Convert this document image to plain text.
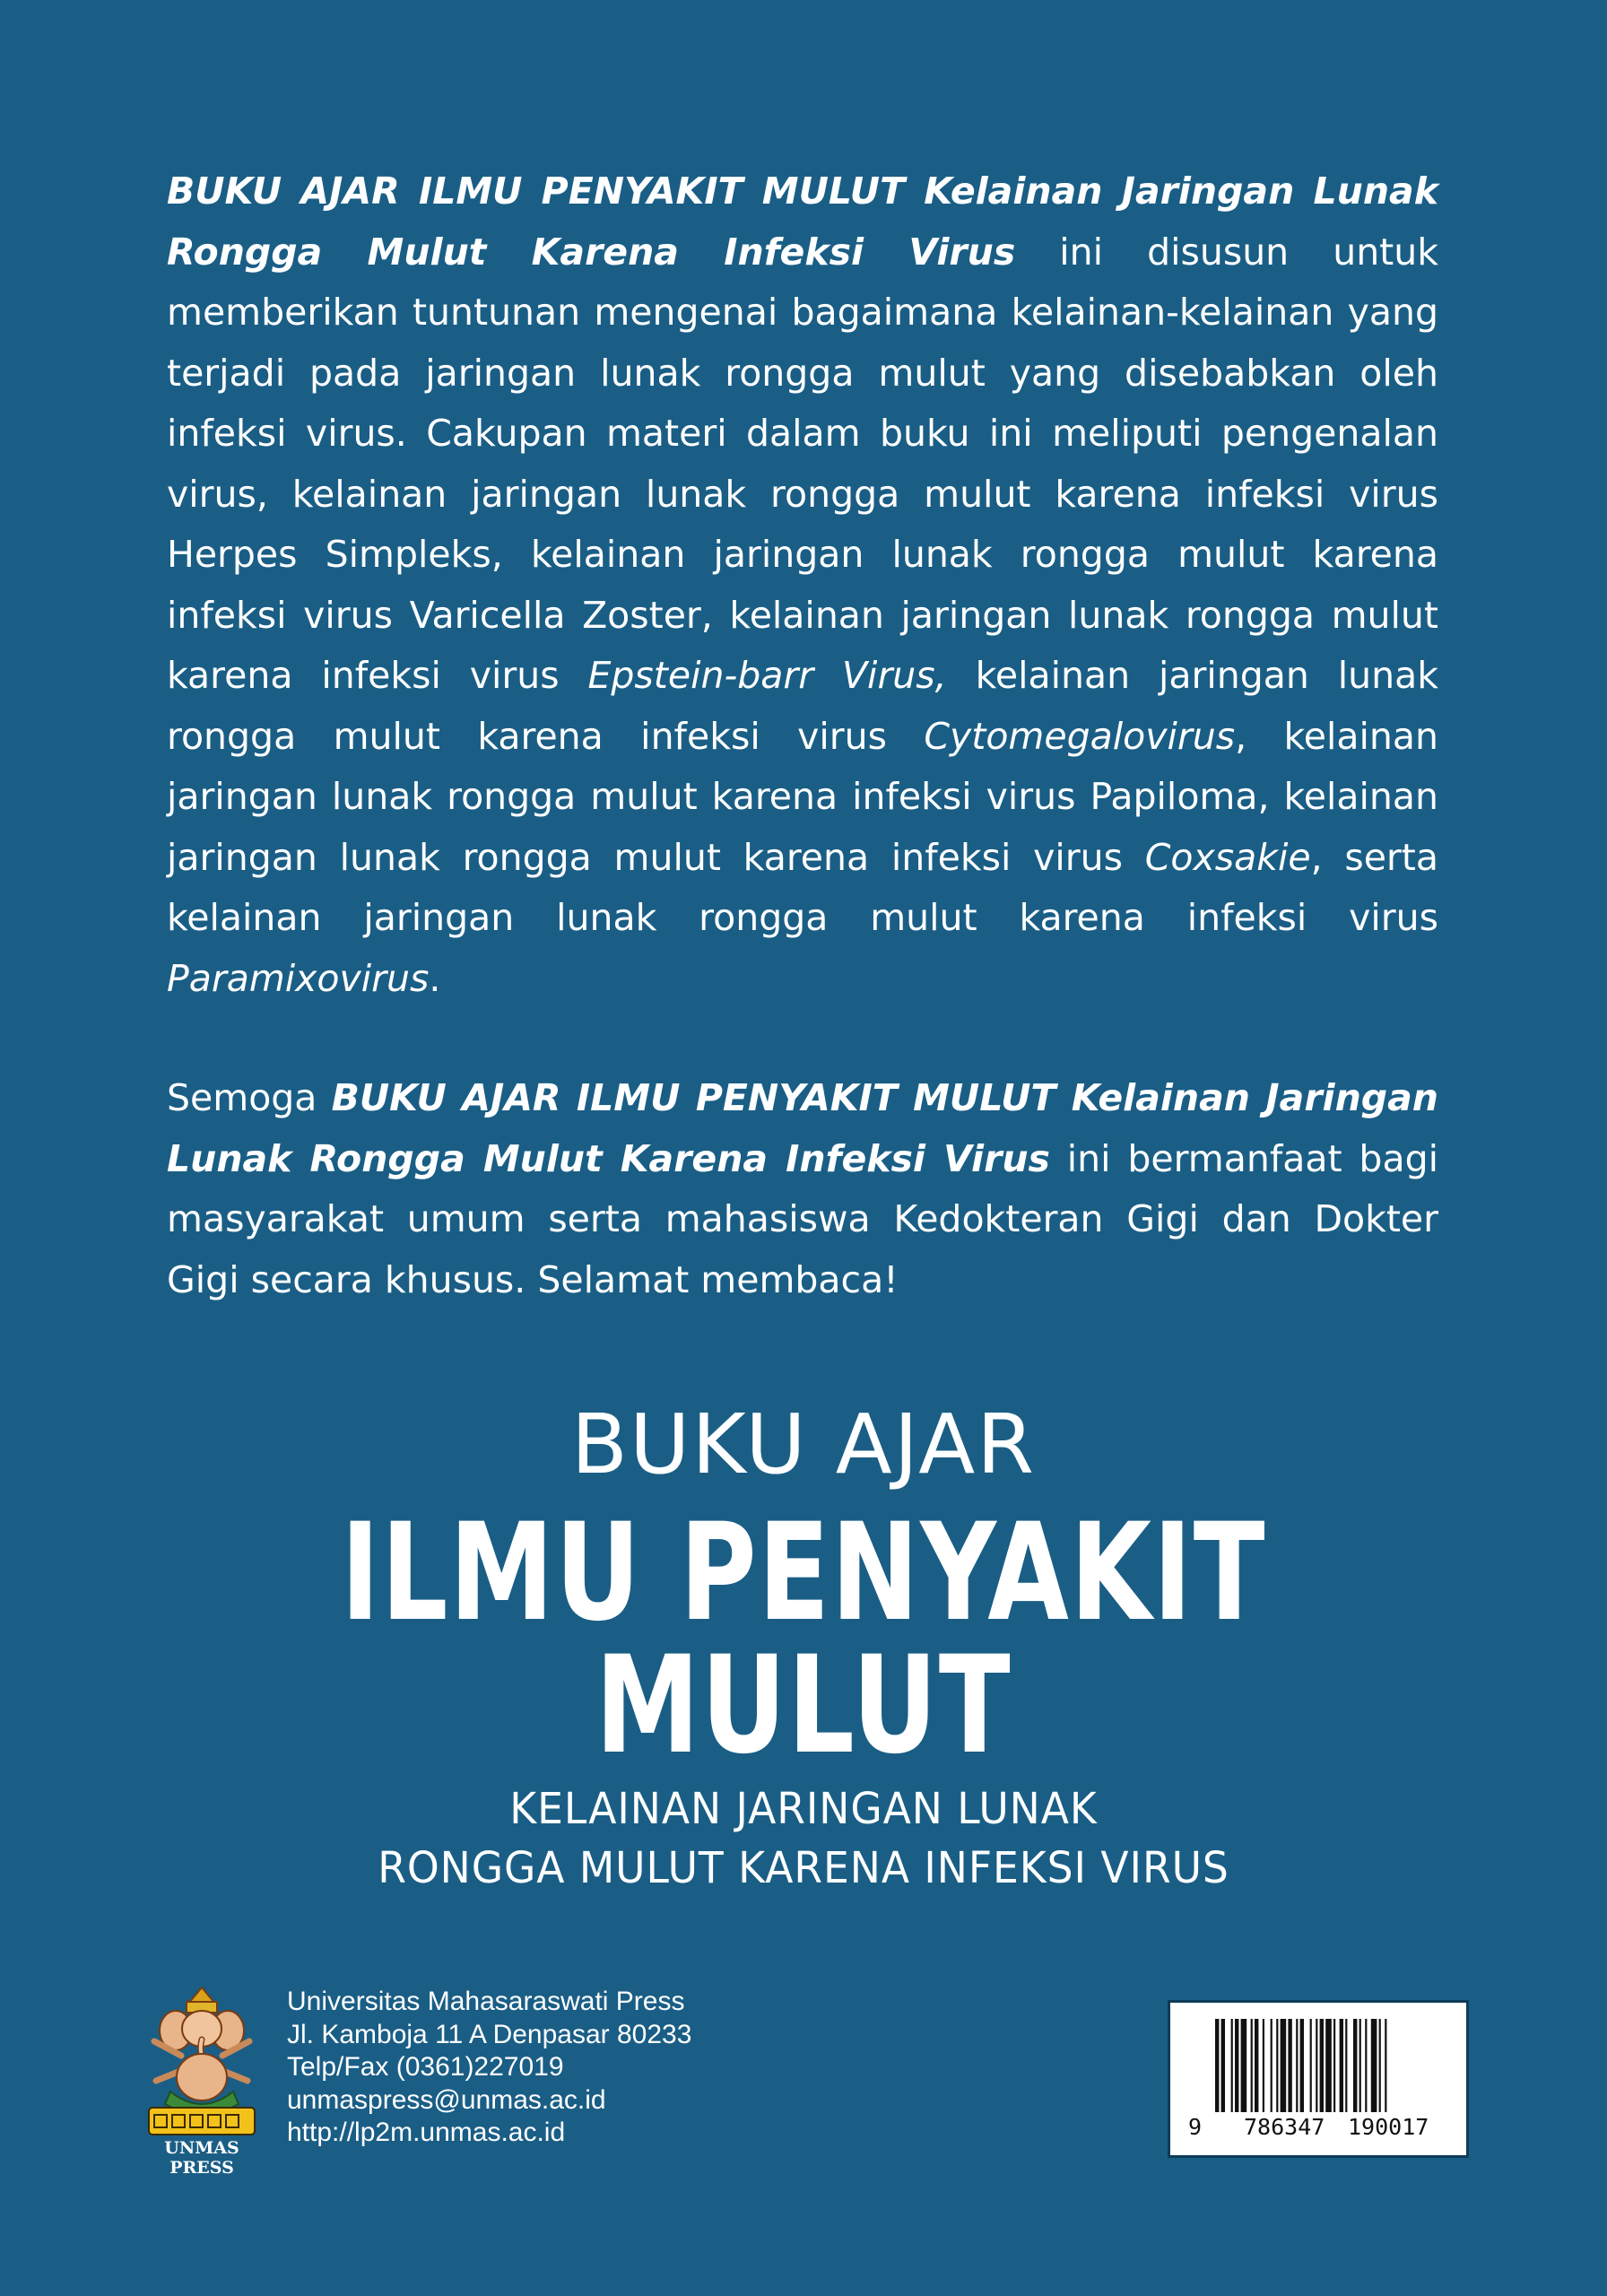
BUKU AJAR ILMU PENYAKIT MULUT Kelainan Jaringan Lunak Rongga Mulut Karena Infeksi Virus ini disusun untuk memberikan tuntunan mengenai bagaimana kelainan-kelainan yang terjadi pada jaringan lunak rongga mulut yang disebabkan oleh infeksi virus. Cakupan materi dalam buku ini meliputi pengenalan virus, kelainan jaringan lunak rongga mulut karena infeksi virus Herpes Simpleks, kelainan jaringan lunak rongga mulut karena infeksi virus Varicella Zoster, kelainan jaringan lunak rongga mulut karena infeksi virus Epstein-barr Virus, kelainan jaringan lunak rongga mulut karena infeksi virus Cytomegalovirus, kelainan jaringan lunak rongga mulut karena infeksi virus Papiloma, kelainan jaringan lunak rongga mulut karena infeksi virus Coxsakie, serta kelainan jaringan lunak rongga mulut karena infeksi virus Paramixovirus.

Semoga BUKU AJAR ILMU PENYAKIT MULUT Kelainan Jaringan Lunak Rongga Mulut Karena Infeksi Virus ini bermanfaat bagi masyarakat umum serta mahasiswa Kedokteran Gigi dan Dokter Gigi secara khusus. Selamat membaca!

BUKU AJAR
ILMU PENYAKIT
MULUT
KELAINAN JARINGAN LUNAK
RONGGA MULUT KARENA INFEKSI VIRUS
UNMAS PRESS
Universitas Mahasaraswati Press
Jl. Kamboja 11 A Denpasar 80233
Telp/Fax (0361)227019
unmaspress@unmas.ac.id
http://lp2m.unmas.ac.id	9 786347 190017
